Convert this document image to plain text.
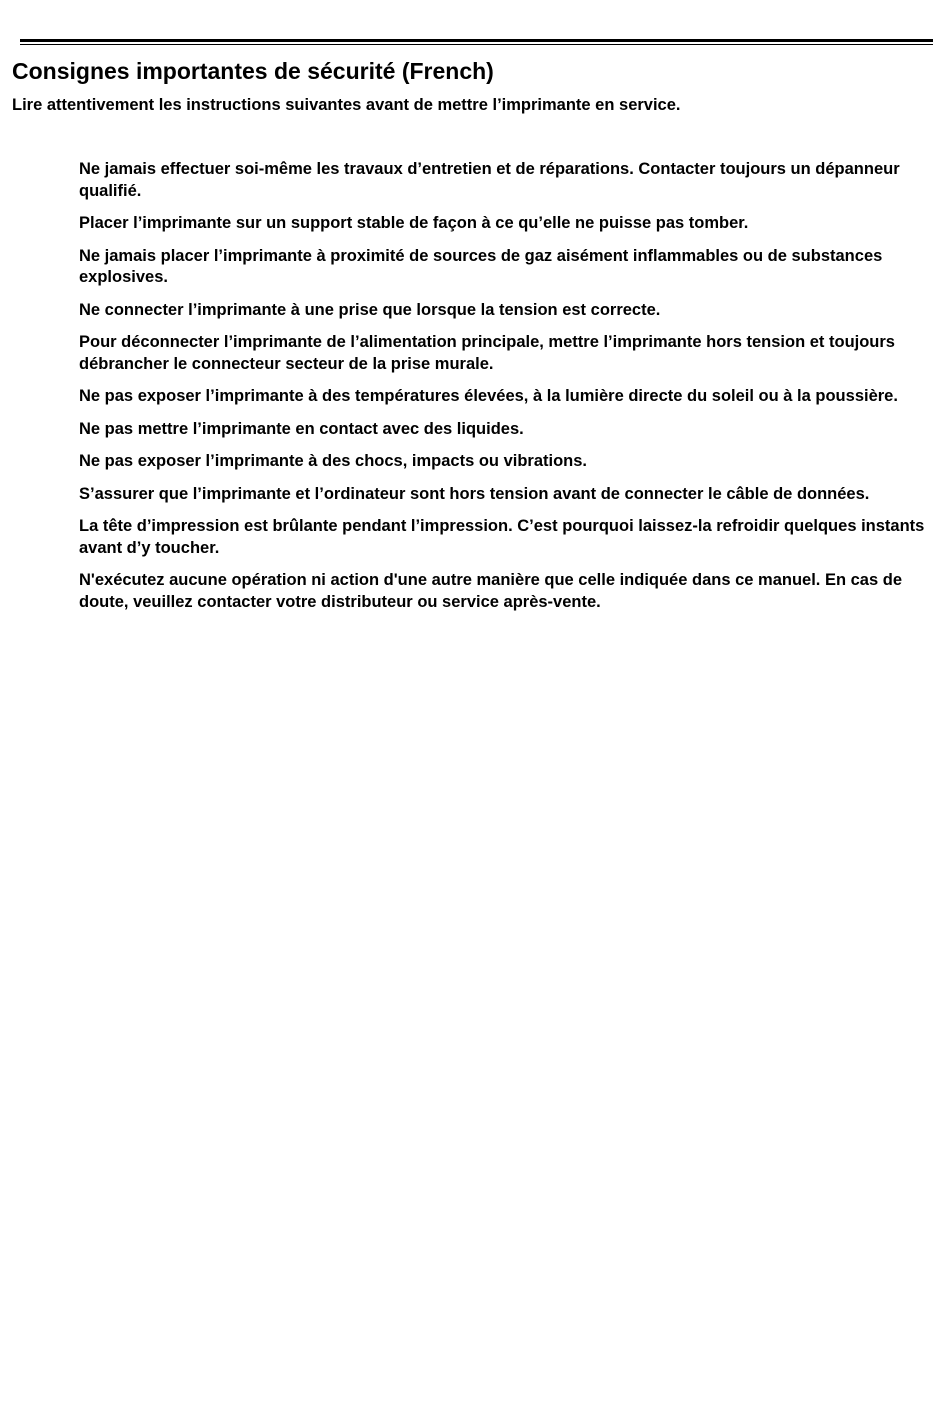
Consignes importantes de sécurité (French)

Lire attentivement les instructions suivantes avant de mettre l’imprimante en service.

Ne jamais effectuer soi-même les travaux d’entretien et de réparations. Contacter toujours un dépanneur qualifié.
Placer l’imprimante sur un support stable de façon à ce qu’elle ne puisse pas tomber.
Ne jamais placer l’imprimante à proximité de sources de gaz aisément inflammables ou de substances explosives.
Ne connecter l’imprimante à une prise que lorsque la tension est correcte.
Pour déconnecter l’imprimante de l’alimentation principale, mettre l’imprimante hors tension et toujours débrancher le connecteur secteur de la prise murale.
Ne pas exposer l’imprimante à des températures élevées, à la lumière directe du soleil ou à la poussière.
Ne pas mettre l’imprimante en contact avec des liquides.
Ne pas exposer l’imprimante à des chocs, impacts ou vibrations.
S’assurer que l’imprimante et l’ordinateur sont hors tension avant de connecter le câble de données.
La tête d’impression est brûlante pendant l’impression. C’est pourquoi laissez-la refroidir quelques instants avant d’y toucher.
N'exécutez aucune opération ni action d'une autre manière que celle indiquée dans ce manuel. En cas de doute, veuillez contacter votre distributeur ou service après-vente.
